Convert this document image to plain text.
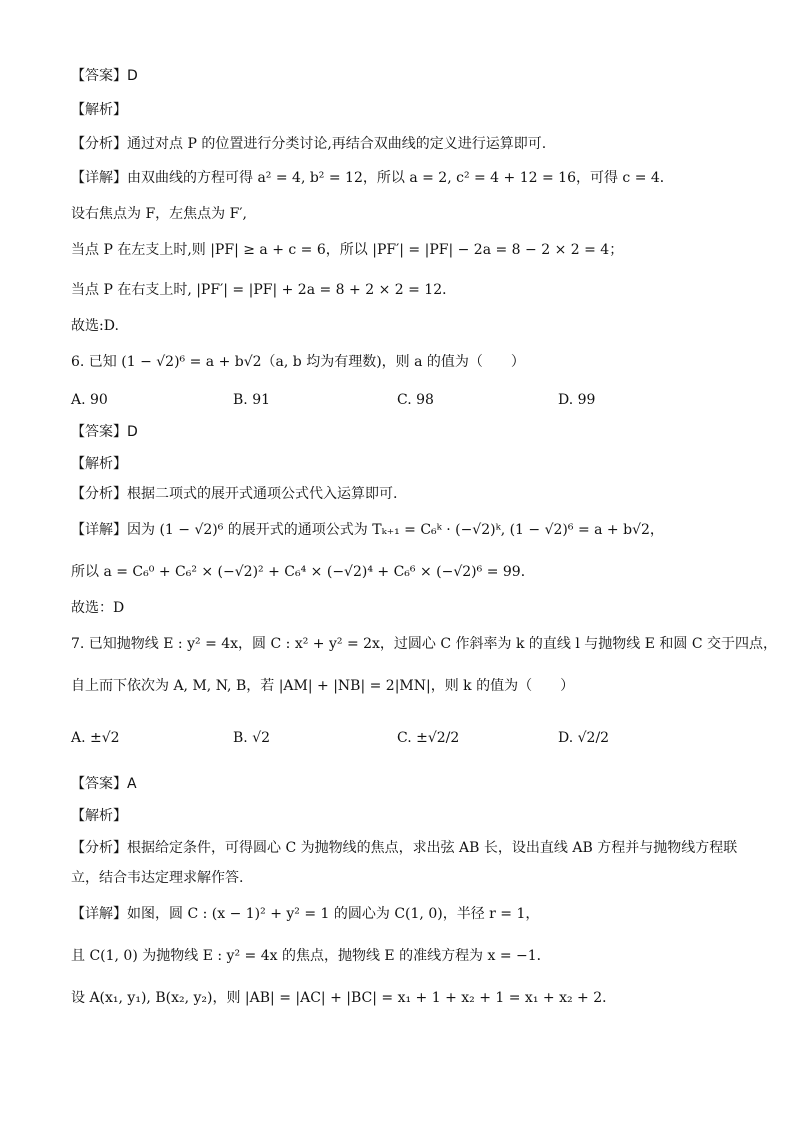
【答案】D
【解析】
【分析】通过对点 P 的位置进行分类讨论,再结合双曲线的定义进行运算即可.
【详解】由双曲线的方程可得 a² = 4, b² = 12，所以 a = 2, c² = 4 + 12 = 16，可得 c = 4．
设右焦点为 F，左焦点为 F′,
当点 P 在左支上时,则 |PF| ≥ a + c = 6，所以 |PF′| = |PF| − 2a = 8 − 2 × 2 = 4；
当点 P 在右支上时, |PF′| = |PF| + 2a = 8 + 2 × 2 = 12．
故选:D.
6. 已知 (1 − √2)⁶ = a + b√2（a, b 均为有理数)，则 a 的值为（　　）
A. 90	B. 91	C. 98	D. 99
【答案】D
【解析】
【分析】根据二项式的展开式通项公式代入运算即可.
【详解】因为 (1 − √2)⁶ 的展开式的通项公式为 Tₖ₊₁ = C₆ᵏ · (−√2)ᵏ, (1 − √2)⁶ = a + b√2，
所以 a = C₆⁰ + C₆² × (−√2)² + C₆⁴ × (−√2)⁴ + C₆⁶ × (−√2)⁶ = 99．
故选：D
7. 已知抛物线 E : y² = 4x，圆 C : x² + y² = 2x，过圆心 C 作斜率为 k 的直线 l 与抛物线 E 和圆 C 交于四点，
自上而下依次为 A, M, N, B，若 |AM| + |NB| = 2|MN|，则 k 的值为（　　）
A. ±√2	B. √2	C. ±√2/2	D. √2/2
【答案】A
【解析】
【分析】根据给定条件，可得圆心 C 为抛物线的焦点，求出弦 AB 长，设出直线 AB 方程并与抛物线方程联
立，结合韦达定理求解作答.
【详解】如图，圆 C : (x − 1)² + y² = 1 的圆心为 C(1, 0)，半径 r = 1，
且 C(1, 0) 为抛物线 E : y² = 4x 的焦点，抛物线 E 的准线方程为 x = −1．
设 A(x₁, y₁), B(x₂, y₂)，则 |AB| = |AC| + |BC| = x₁ + 1 + x₂ + 1 = x₁ + x₂ + 2．
